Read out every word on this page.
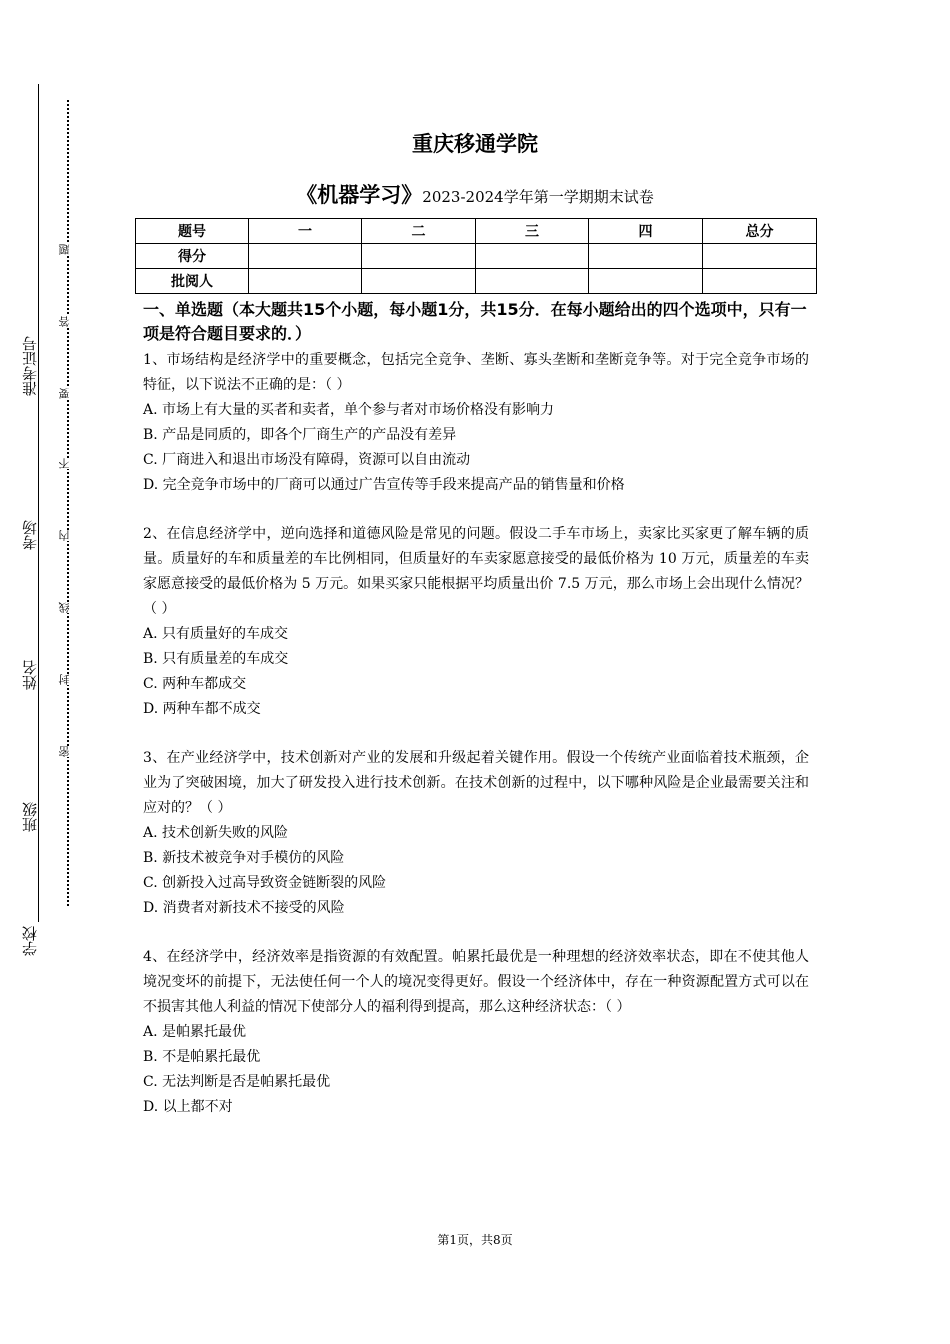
准考证号
考场
姓名
班级
学校
题
答
要
不
内
线
封
密
重庆移通学院
《机器学习》2023-2024学年第一学期期末试卷
题号	一	二	三	四	总分
得分					
批阅人					

一、单选题（本大题共15个小题，每小题1分，共15分．在每小题给出的四个选项中，只有一项是符合题目要求的．）

1、市场结构是经济学中的重要概念，包括完全竞争、垄断、寡头垄断和垄断竞争等。对于完全竞争市场的特征，以下说法不正确的是：（ ）

A. 市场上有大量的买者和卖者，单个参与者对市场价格没有影响力

B. 产品是同质的，即各个厂商生产的产品没有差异

C. 厂商进入和退出市场没有障碍，资源可以自由流动

D. 完全竞争市场中的厂商可以通过广告宣传等手段来提高产品的销售量和价格

2、在信息经济学中，逆向选择和道德风险是常见的问题。假设二手车市场上，卖家比买家更了解车辆的质量。质量好的车和质量差的车比例相同，但质量好的车卖家愿意接受的最低价格为 10 万元，质量差的车卖家愿意接受的最低价格为 5 万元。如果买家只能根据平均质量出价 7.5 万元，那么市场上会出现什么情况？（ ）

A. 只有质量好的车成交

B. 只有质量差的车成交

C. 两种车都成交

D. 两种车都不成交

3、在产业经济学中，技术创新对产业的发展和升级起着关键作用。假设一个传统产业面临着技术瓶颈，企业为了突破困境，加大了研发投入进行技术创新。在技术创新的过程中，以下哪种风险是企业最需要关注和应对的？（ ）

A. 技术创新失败的风险

B. 新技术被竞争对手模仿的风险

C. 创新投入过高导致资金链断裂的风险

D. 消费者对新技术不接受的风险

4、在经济学中，经济效率是指资源的有效配置。帕累托最优是一种理想的经济效率状态，即在不使其他人境况变坏的前提下，无法使任何一个人的境况变得更好。假设一个经济体中，存在一种资源配置方式可以在不损害其他人利益的情况下使部分人的福利得到提高，那么这种经济状态：（ ）

A. 是帕累托最优

B. 不是帕累托最优

C. 无法判断是否是帕累托最优

D. 以上都不对

第1页，共8页
